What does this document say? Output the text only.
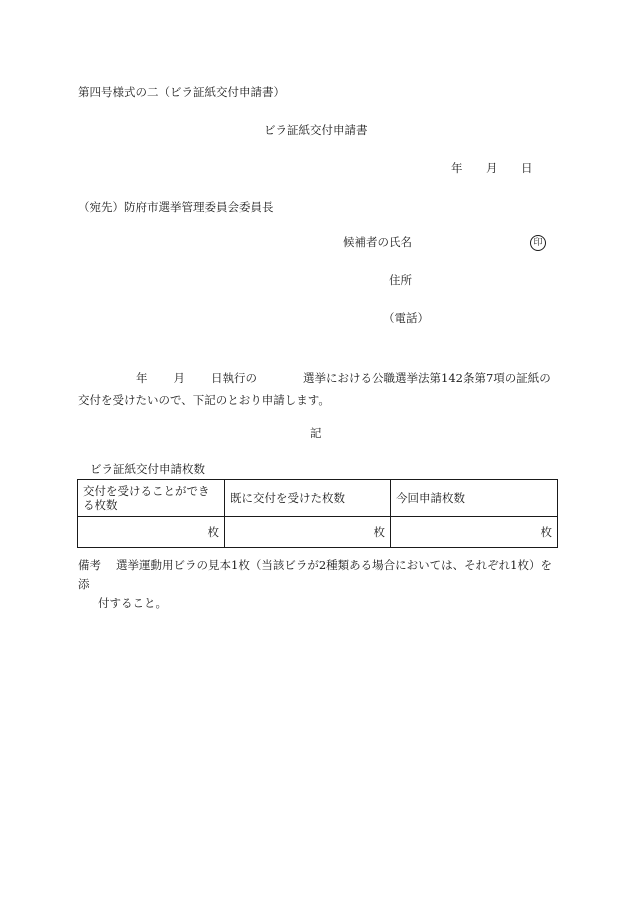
第四号様式の二（ビラ証紙交付申請書）
ビラ証紙交付申請書
年 月 日
（宛先）防府市選挙管理委員会委員長
候補者の氏名	印
住所
（電話）
年 月 日執行の	選挙における公職選挙法第142条第7項の証紙の
交付を受けたいので、下記のとおり申請します。
記
ビラ証紙交付申請枚数
交付を受けることができる枚数	既に交付を受けた枚数	今回申請枚数
枚	枚	枚
備考 選挙運動用ビラの見本1枚（当該ビラが2種類ある場合においては、それぞれ1枚）を添
付すること。
